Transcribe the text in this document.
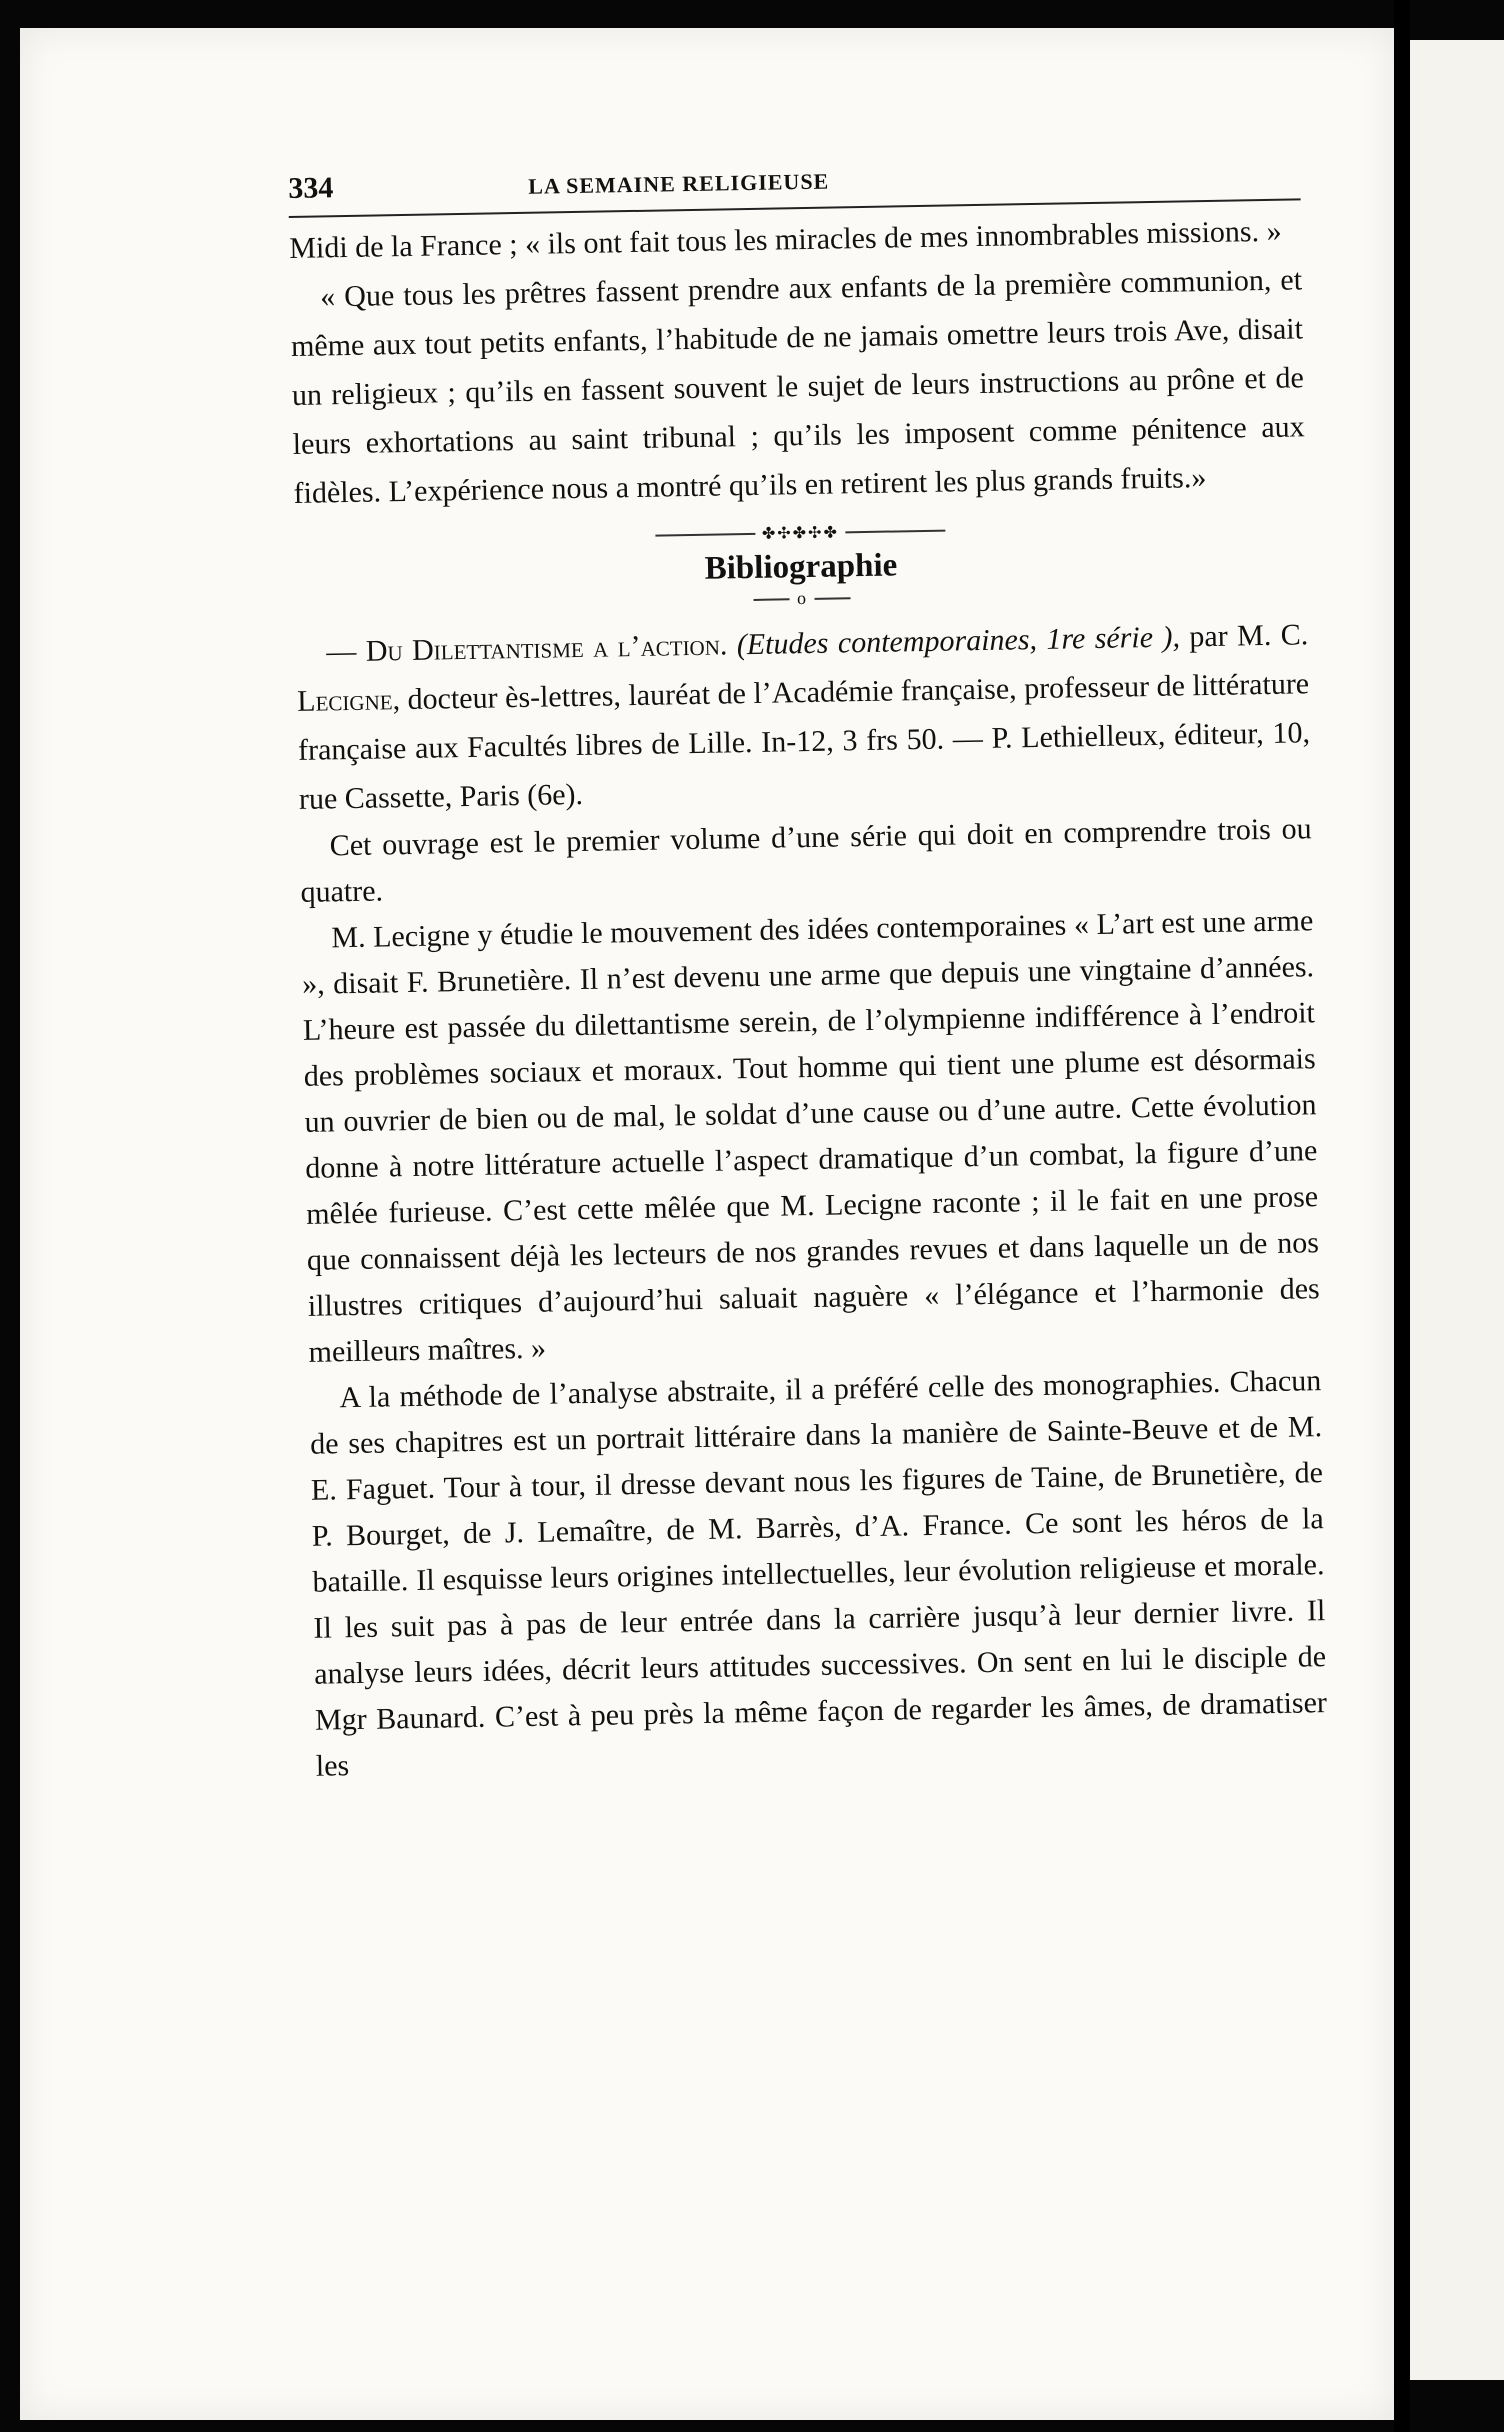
334	LA SEMAINE RELIGIEUSE

Midi de la France ; « ils ont fait tous les miracles de mes innombrables missions. »

« Que tous les prêtres fassent prendre aux enfants de la première communion, et même aux tout petits enfants, l’habitude de ne jamais omettre leurs trois Ave, disait un religieux ; qu’ils en fassent souvent le sujet de leurs instructions au prône et de leurs exhortations au saint tribunal ; qu’ils les imposent comme pénitence aux fidèles. L’expérience nous a montré qu’ils en retirent les plus grands fruits.»

✤✣✤✣✤
Bibliographie
o

— Du Dilettantisme a l’action. (Etudes contemporaines, 1re série ), par M. C. Lecigne, docteur ès-lettres, lauréat de l’Académie française, professeur de littérature française aux Facultés libres de Lille. In-12, 3 frs 50. — P. Lethielleux, éditeur, 10, rue Cassette, Paris (6e).

Cet ouvrage est le premier volume d’une série qui doit en comprendre trois ou quatre.

M. Lecigne y étudie le mouvement des idées contemporaines « L’art est une arme », disait F. Brunetière. Il n’est devenu une arme que depuis une vingtaine d’années. L’heure est passée du dilettantisme serein, de l’olympienne indifférence à l’endroit des problèmes sociaux et moraux. Tout homme qui tient une plume est désormais un ouvrier de bien ou de mal, le soldat d’une cause ou d’une autre. Cette évolution donne à notre littérature actuelle l’aspect dramatique d’un combat, la figure d’une mêlée furieuse. C’est cette mêlée que M. Lecigne raconte ; il le fait en une prose que connaissent déjà les lecteurs de nos grandes revues et dans laquelle un de nos illustres critiques d’aujourd’hui saluait naguère « l’élégance et l’harmonie des meilleurs maîtres. »

A la méthode de l’analyse abstraite, il a préféré celle des monographies. Chacun de ses chapitres est un portrait littéraire dans la manière de Sainte-Beuve et de M. E. Faguet. Tour à tour, il dresse devant nous les figures de Taine, de Brunetière, de P. Bourget, de J. Lemaître, de M. Barrès, d’A. France. Ce sont les héros de la bataille. Il esquisse leurs origines intellectuelles, leur évolution religieuse et morale. Il les suit pas à pas de leur entrée dans la carrière jusqu’à leur dernier livre. Il analyse leurs idées, décrit leurs attitudes successives. On sent en lui le disciple de Mgr Baunard. C’est à peu près la même façon de regarder les âmes, de dramatiser les
